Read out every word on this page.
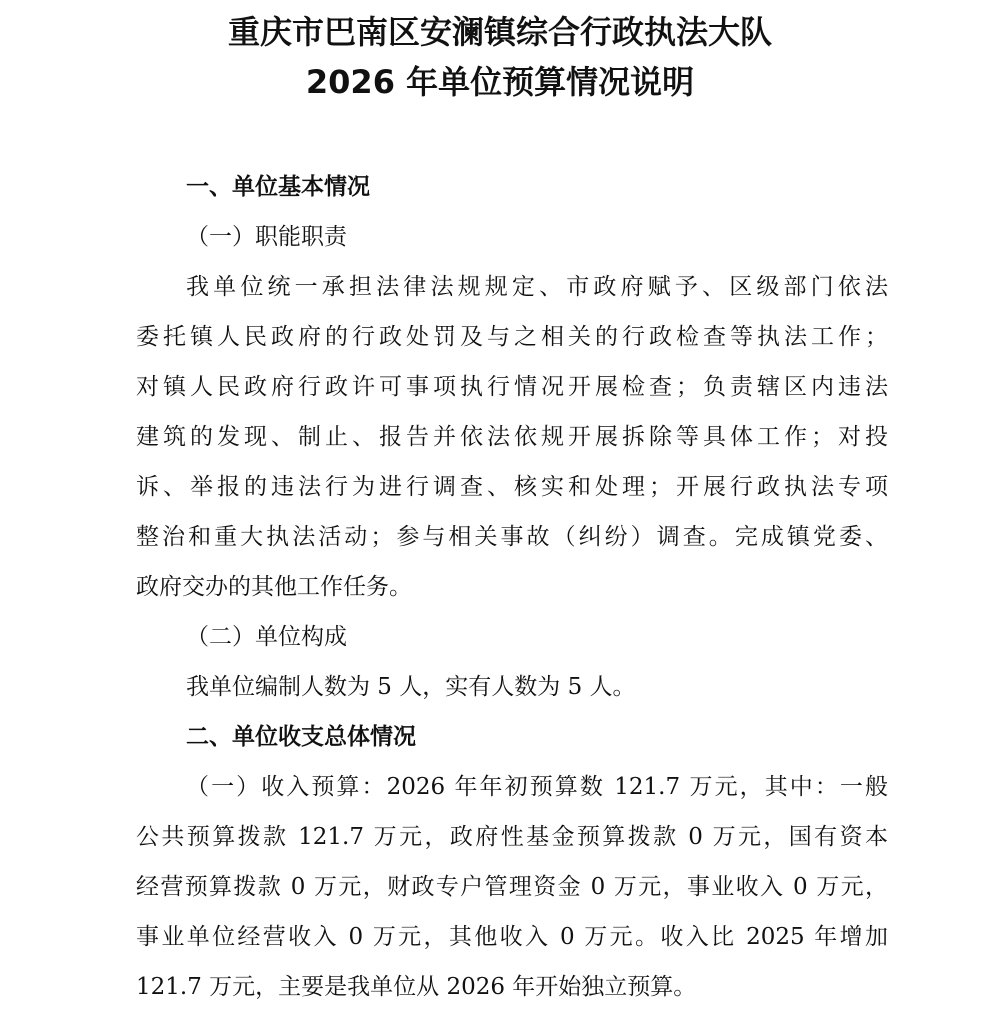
重庆市巴南区安澜镇综合行政执法大队
2026 年单位预算情况说明
一、单位基本情况
（一）职能职责
我单位统一承担法律法规规定、市政府赋予、区级部门依法
委托镇人民政府的行政处罚及与之相关的行政检查等执法工作；
对镇人民政府行政许可事项执行情况开展检查；负责辖区内违法
建筑的发现、制止、报告并依法依规开展拆除等具体工作；对投
诉、举报的违法行为进行调查、核实和处理；开展行政执法专项
整治和重大执法活动；参与相关事故（纠纷）调查。完成镇党委、
政府交办的其他工作任务。
（二）单位构成
我单位编制人数为 5 人，实有人数为 5 人。
二、单位收支总体情况
（一）收入预算：2026 年年初预算数 121.7 万元，其中：一般
公共预算拨款 121.7 万元，政府性基金预算拨款 0 万元，国有资本
经营预算拨款 0 万元，财政专户管理资金 0 万元，事业收入 0 万元，
事业单位经营收入 0 万元，其他收入 0 万元。收入比 2025 年增加
121.7 万元，主要是我单位从 2026 年开始独立预算。
